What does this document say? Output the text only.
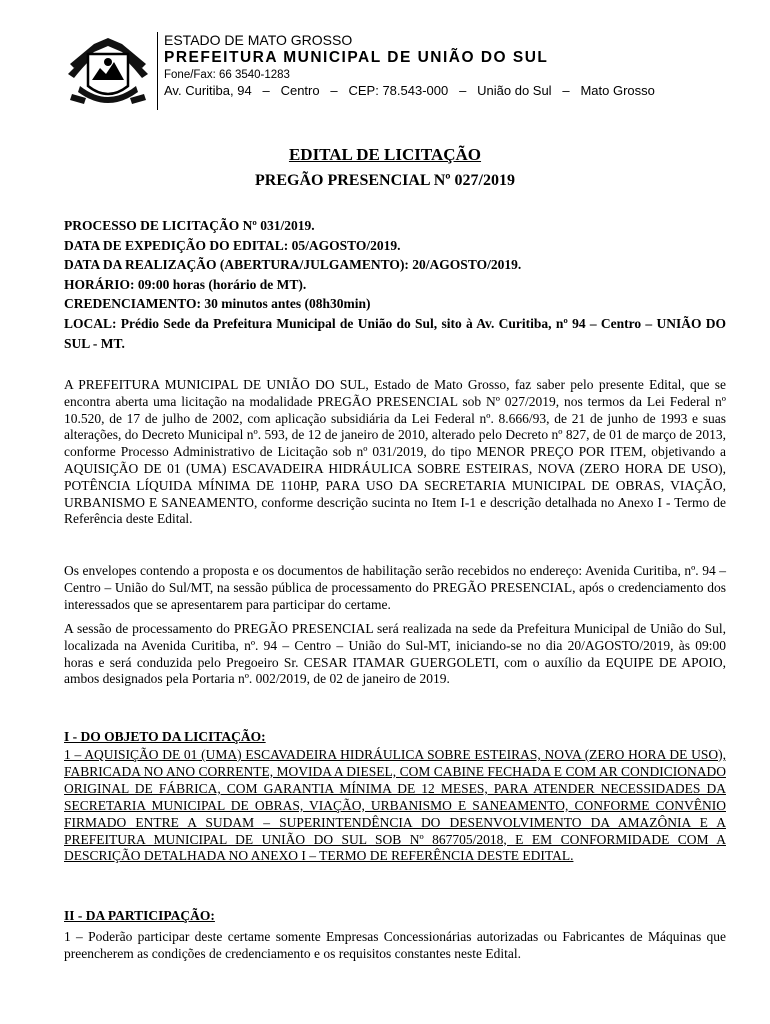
ESTADO DE MATO GROSSO
PREFEITURA MUNICIPAL DE UNIÃO DO SUL
Fone/Fax: 66 3540-1283
Av. Curitiba, 94   –   Centro   –   CEP: 78.543-000   –   União do Sul   –   Mato Grosso
EDITAL DE LICITAÇÃO
PREGÃO PRESENCIAL Nº 027/2019
PROCESSO DE LICITAÇÃO Nº 031/2019.
DATA DE EXPEDIÇÃO DO EDITAL: 05/AGOSTO/2019.
DATA DA REALIZAÇÃO (ABERTURA/JULGAMENTO): 20/AGOSTO/2019.
HORÁRIO: 09:00 horas (horário de MT).
CREDENCIAMENTO: 30 minutos antes (08h30min)
LOCAL: Prédio Sede da Prefeitura Municipal de União do Sul, sito à Av. Curitiba, nº 94 – Centro – UNIÃO DO SUL - MT.

A PREFEITURA MUNICIPAL DE UNIÃO DO SUL, Estado de Mato Grosso, faz saber pelo presente Edital, que se encontra aberta uma licitação na modalidade PREGÃO PRESENCIAL sob Nº 027/2019, nos termos da Lei Federal nº 10.520, de 17 de julho de 2002, com aplicação subsidiária da Lei Federal nº. 8.666/93, de 21 de junho de 1993 e suas alterações, do Decreto Municipal nº. 593, de 12 de janeiro de 2010, alterado pelo Decreto nº 827, de 01 de março de 2013, conforme Processo Administrativo de Licitação sob nº 031/2019, do tipo MENOR PREÇO POR ITEM, objetivando a AQUISIÇÃO DE 01 (UMA) ESCAVADEIRA HIDRÁULICA SOBRE ESTEIRAS, NOVA (ZERO HORA DE USO), POTÊNCIA LÍQUIDA MÍNIMA DE 110HP, PARA USO DA SECRETARIA MUNICIPAL DE OBRAS, VIAÇÃO, URBANISMO E SANEAMENTO, conforme descrição sucinta no Item I-1 e descrição detalhada no Anexo I - Termo de Referência deste Edital.

Os envelopes contendo a proposta e os documentos de habilitação serão recebidos no endereço: Avenida Curitiba, nº. 94 – Centro – União do Sul/MT, na sessão pública de processamento do PREGÃO PRESENCIAL, após o credenciamento dos interessados que se apresentarem para participar do certame.

A sessão de processamento do PREGÃO PRESENCIAL será realizada na sede da Prefeitura Municipal de União do Sul, localizada na Avenida Curitiba, nº. 94 – Centro – União do Sul-MT, iniciando-se no dia 20/AGOSTO/2019, às 09:00 horas e será conduzida pelo Pregoeiro Sr. CESAR ITAMAR GUERGOLETI, com o auxílio da EQUIPE DE APOIO, ambos designados pela Portaria nº. 002/2019, de 02 de janeiro de 2019.

I - DO OBJETO DA LICITAÇÃO:

1 – AQUISIÇÃO DE 01 (UMA) ESCAVADEIRA HIDRÁULICA SOBRE ESTEIRAS, NOVA (ZERO HORA DE USO), FABRICADA NO ANO CORRENTE, MOVIDA A DIESEL, COM CABINE FECHADA E COM AR CONDICIONADO ORIGINAL DE FÁBRICA, COM GARANTIA MÍNIMA DE 12 MESES, PARA ATENDER NECESSIDADES DA SECRETARIA MUNICIPAL DE OBRAS, VIAÇÃO, URBANISMO E SANEAMENTO, CONFORME CONVÊNIO FIRMADO ENTRE A SUDAM – SUPERINTENDÊNCIA DO DESENVOLVIMENTO DA AMAZÔNIA E A PREFEITURA MUNICIPAL DE UNIÃO DO SUL SOB Nº 867705/2018, E EM CONFORMIDADE COM A DESCRIÇÃO DETALHADA NO ANEXO I – TERMO DE REFERÊNCIA DESTE EDITAL.

II - DA PARTICIPAÇÃO:

1 – Poderão participar deste certame somente Empresas Concessionárias autorizadas ou Fabricantes de Máquinas que preencherem as condições de credenciamento e os requisitos constantes neste Edital.
